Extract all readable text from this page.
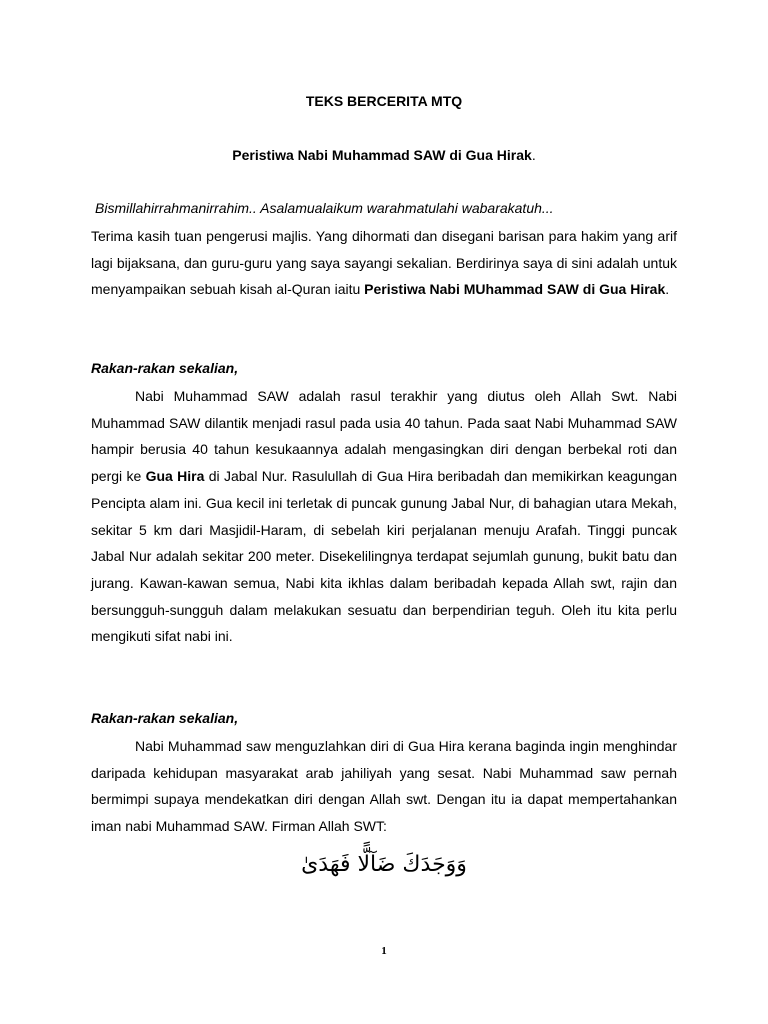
TEKS BERCERITA MTQ
Peristiwa Nabi Muhammad SAW di Gua Hirak.
Bismillahirrahmanirrahim.. Asalamualaikum warahmatulahi wabarakatuh...
Terima kasih tuan pengerusi majlis. Yang dihormati dan disegani barisan para hakim yang arif lagi bijaksana, dan guru-guru yang saya sayangi sekalian. Berdirinya saya di sini adalah untuk menyampaikan sebuah kisah al-Quran iaitu Peristiwa Nabi MUhammad SAW di Gua Hirak.
Rakan-rakan sekalian,
Nabi Muhammad SAW adalah rasul terakhir yang diutus oleh Allah Swt. Nabi Muhammad SAW dilantik menjadi rasul pada usia 40 tahun. Pada saat Nabi Muhammad SAW hampir berusia 40 tahun kesukaannya adalah mengasingkan diri dengan berbekal roti dan pergi ke Gua Hira di Jabal Nur. Rasulullah di Gua Hira beribadah dan memikirkan keagungan Pencipta alam ini. Gua kecil ini terletak di puncak gunung Jabal Nur, di bahagian utara Mekah, sekitar 5 km dari Masjidil-Haram, di sebelah kiri perjalanan menuju Arafah. Tinggi puncak Jabal Nur adalah sekitar 200 meter. Disekelilingnya terdapat sejumlah gunung, bukit batu dan jurang. Kawan-kawan semua, Nabi kita ikhlas dalam beribadah kepada Allah swt, rajin dan bersungguh-sungguh dalam melakukan sesuatu dan berpendirian teguh. Oleh itu kita perlu mengikuti sifat nabi ini.
Rakan-rakan sekalian,
Nabi Muhammad saw menguzlahkan diri di Gua Hira kerana baginda ingin menghindar daripada kehidupan masyarakat arab jahiliyah yang sesat. Nabi Muhammad saw pernah bermimpi supaya mendekatkan diri dengan Allah swt. Dengan itu ia dapat mempertahankan iman nabi Muhammad SAW. Firman Allah SWT:
وَوَجَدَكَ ضَآلًّا فَهَدَىٰ
1
